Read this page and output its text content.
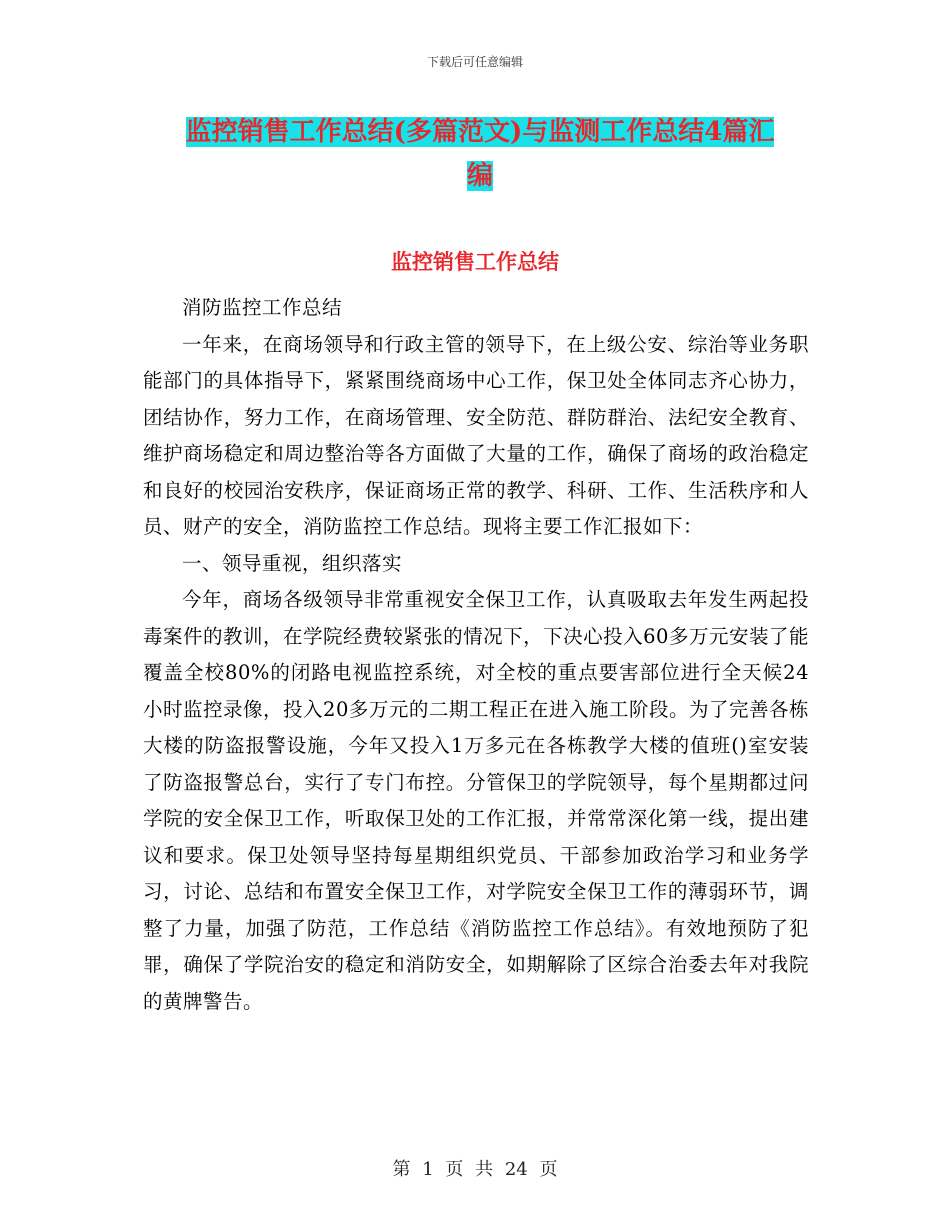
下载后可任意编辑
监控销售工作总结(多篇范文)与监测工作总结4篇汇
编
监控销售工作总结

消防监控工作总结

一年来，在商场领导和行政主管的领导下，在上级公安、综治等业务职能部门的具体指导下，紧紧围绕商场中心工作，保卫处全体同志齐心协力，团结协作，努力工作，在商场管理、安全防范、群防群治、法纪安全教育、维护商场稳定和周边整治等各方面做了大量的工作，确保了商场的政治稳定和良好的校园治安秩序，保证商场正常的教学、科研、工作、生活秩序和人员、财产的安全，消防监控工作总结。现将主要工作汇报如下：

一、领导重视，组织落实

今年，商场各级领导非常重视安全保卫工作，认真吸取去年发生两起投毒案件的教训，在学院经费较紧张的情况下，下决心投入60多万元安装了能覆盖全校80%的闭路电视监控系统，对全校的重点要害部位进行全天候24小时监控录像，投入20多万元的二期工程正在进入施工阶段。为了完善各栋大楼的防盗报警设施，今年又投入1万多元在各栋教学大楼的值班()室安装了防盗报警总台，实行了专门布控。分管保卫的学院领导，每个星期都过问学院的安全保卫工作，听取保卫处的工作汇报，并常常深化第一线，提出建议和要求。保卫处领导坚持每星期组织党员、干部参加政治学习和业务学习，讨论、总结和布置安全保卫工作，对学院安全保卫工作的薄弱环节，调整了力量，加强了防范，工作总结《消防监控工作总结》。有效地预防了犯罪，确保了学院治安的稳定和消防安全，如期解除了区综合治委去年对我院的黄牌警告。

第 1 页 共 24 页
